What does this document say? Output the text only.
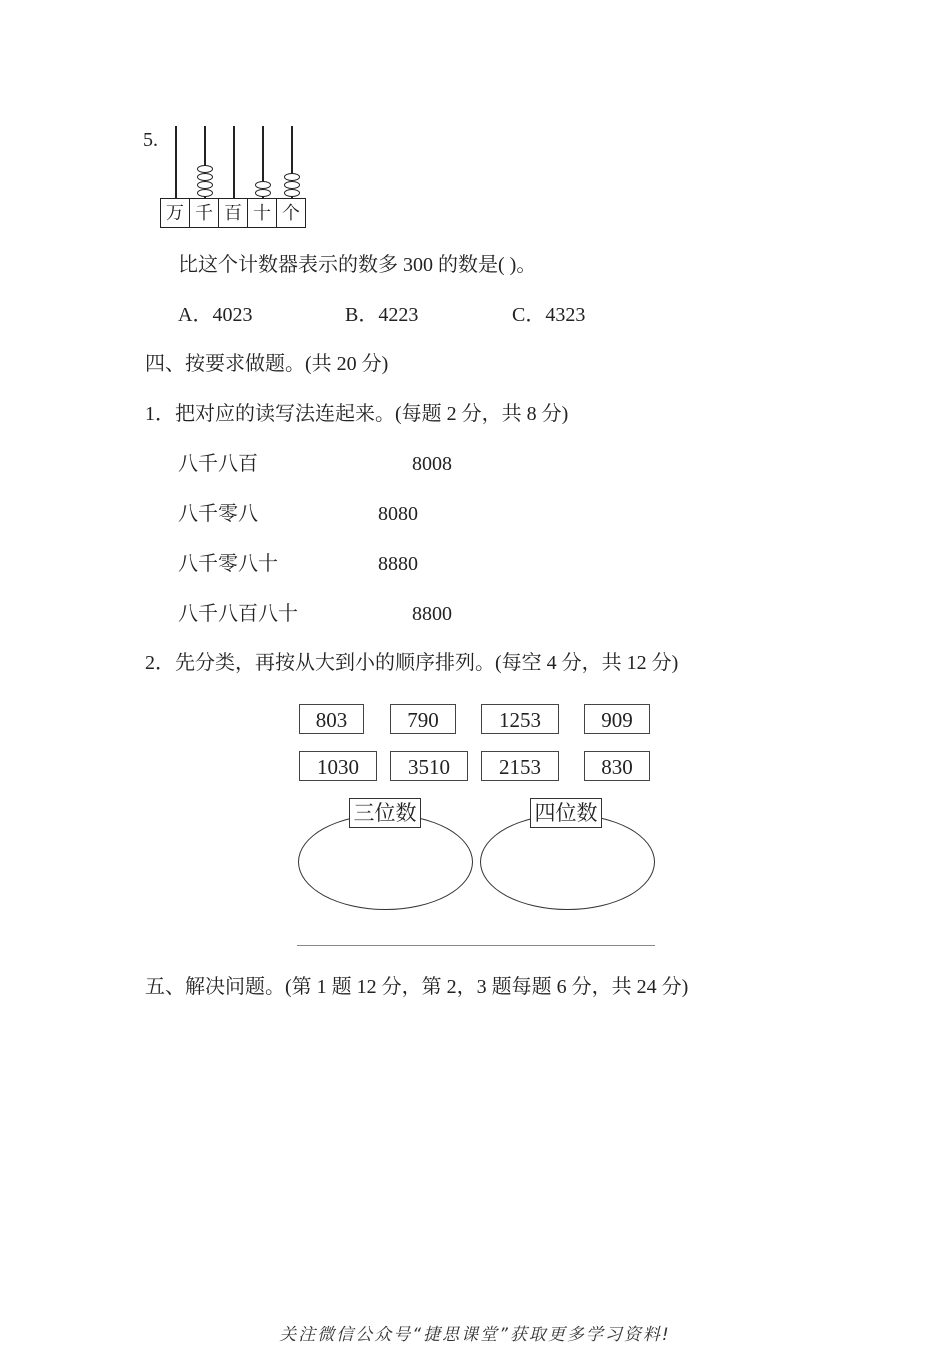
5.
万 千 百 十 个
比这个计数器表示的数多 300 的数是( )。
A．4023	B．4223	C．4323
四、按要求做题。(共 20 分)
1．把对应的读写法连起来。(每题 2 分，共 8 分)
八千八百	8008
八千零八	8080
八千零八十	8880
八千八百八十	8800
2．先分类，再按从大到小的顺序排列。(每空 4 分，共 12 分)
803	790	1253	909
1030	3510	2153	830
三位数	四位数
五、解决问题。(第 1 题 12 分，第 2，3 题每题 6 分，共 24 分)
关注微信公众号“捷思课堂”获取更多学习资料!
